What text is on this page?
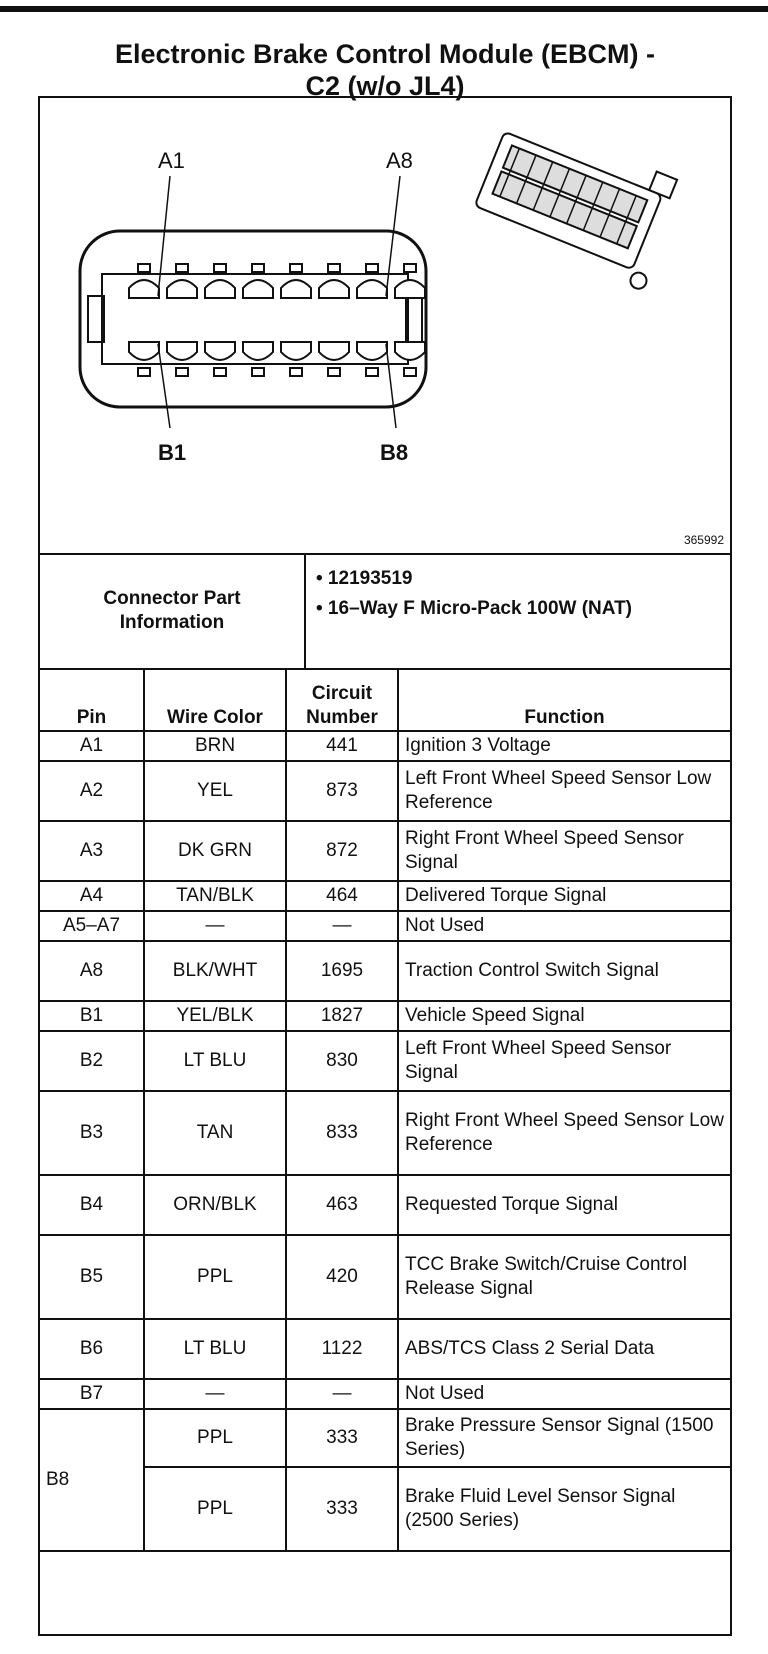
Electronic Brake Control Module (EBCM) -
C2 (w/o JL4)
A1	A8
B1	B8
365992
Connector Part
Information
• 12193519
• 16–Way F Micro-Pack 100W (NAT)
Pin	Wire Color	Circuit Number	Function
A1	BRN	441	Ignition 3 Voltage
A2	YEL	873	Left Front Wheel Speed Sensor Low Reference
A3	DK GRN	872	Right Front Wheel Speed Sensor Signal
A4	TAN/BLK	464	Delivered Torque Signal
A5–A7	—	—	Not Used
A8	BLK/WHT	1695	Traction Control Switch Signal
B1	YEL/BLK	1827	Vehicle Speed Signal
B2	LT BLU	830	Left Front Wheel Speed Sensor Signal
B3	TAN	833	Right Front Wheel Speed Sensor Low Reference
B4	ORN/BLK	463	Requested Torque Signal
B5	PPL	420	TCC Brake Switch/Cruise Control Release Signal
B6	LT BLU	1122	ABS/TCS Class 2 Serial Data
B7	—	—	Not Used
B8	PPL	333	Brake Pressure Sensor Signal (1500 Series)
	PPL	333	Brake Fluid Level Sensor Signal (2500 Series)
